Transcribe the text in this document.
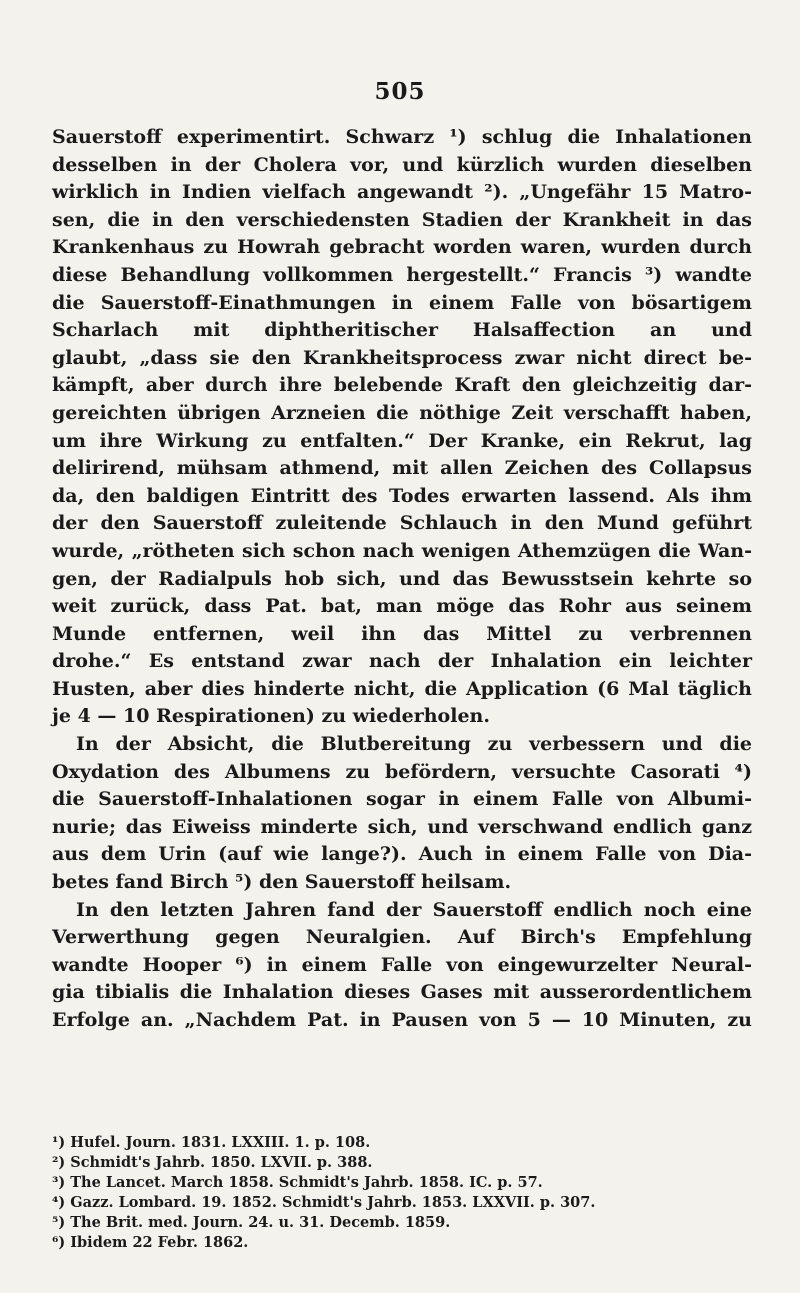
505
Sauerstoff experimentirt. Schwarz ¹) schlug die Inhalationen
desselben in der Cholera vor, und kürzlich wurden dieselben
wirklich in Indien vielfach angewandt ²). „Ungefähr 15 Matro-
sen, die in den verschiedensten Stadien der Krankheit in das
Krankenhaus zu Howrah gebracht worden waren, wurden durch
diese Behandlung vollkommen hergestellt.“ Francis ³) wandte
die Sauerstoff-Einathmungen in einem Falle von bösartigem
Scharlach mit diphtheritischer Halsaffection an und
glaubt, „dass sie den Krankheitsprocess zwar nicht direct be-
kämpft, aber durch ihre belebende Kraft den gleichzeitig dar-
gereichten übrigen Arzneien die nöthige Zeit verschafft haben,
um ihre Wirkung zu entfalten.“ Der Kranke, ein Rekrut, lag
delirirend, mühsam athmend, mit allen Zeichen des Collapsus
da, den baldigen Eintritt des Todes erwarten lassend. Als ihm
der den Sauerstoff zuleitende Schlauch in den Mund geführt
wurde, „rötheten sich schon nach wenigen Athemzügen die Wan-
gen, der Radialpuls hob sich, und das Bewusstsein kehrte so
weit zurück, dass Pat. bat, man möge das Rohr aus seinem
Munde entfernen, weil ihn das Mittel zu verbrennen
drohe.“ Es entstand zwar nach der Inhalation ein leichter
Husten, aber dies hinderte nicht, die Application (6 Mal täglich
je 4 — 10 Respirationen) zu wiederholen.
In der Absicht, die Blutbereitung zu verbessern und die
Oxydation des Albumens zu befördern, versuchte Casorati ⁴)
die Sauerstoff-Inhalationen sogar in einem Falle von Albumi-
nurie; das Eiweiss minderte sich, und verschwand endlich ganz
aus dem Urin (auf wie lange?). Auch in einem Falle von Dia-
betes fand Birch ⁵) den Sauerstoff heilsam.
In den letzten Jahren fand der Sauerstoff endlich noch eine
Verwerthung gegen Neuralgien. Auf Birch's Empfehlung
wandte Hooper ⁶) in einem Falle von eingewurzelter Neural-
gia tibialis die Inhalation dieses Gases mit ausserordentlichem
Erfolge an. „Nachdem Pat. in Pausen von 5 — 10 Minuten, zu
¹) Hufel. Journ. 1831. LXXIII. 1. p. 108.
²) Schmidt's Jahrb. 1850. LXVII. p. 388.
³) The Lancet. March 1858. Schmidt's Jahrb. 1858. IC. p. 57.
⁴) Gazz. Lombard. 19. 1852. Schmidt's Jahrb. 1853. LXXVII. p. 307.
⁵) The Brit. med. Journ. 24. u. 31. Decemb. 1859.
⁶) Ibidem 22 Febr. 1862.
